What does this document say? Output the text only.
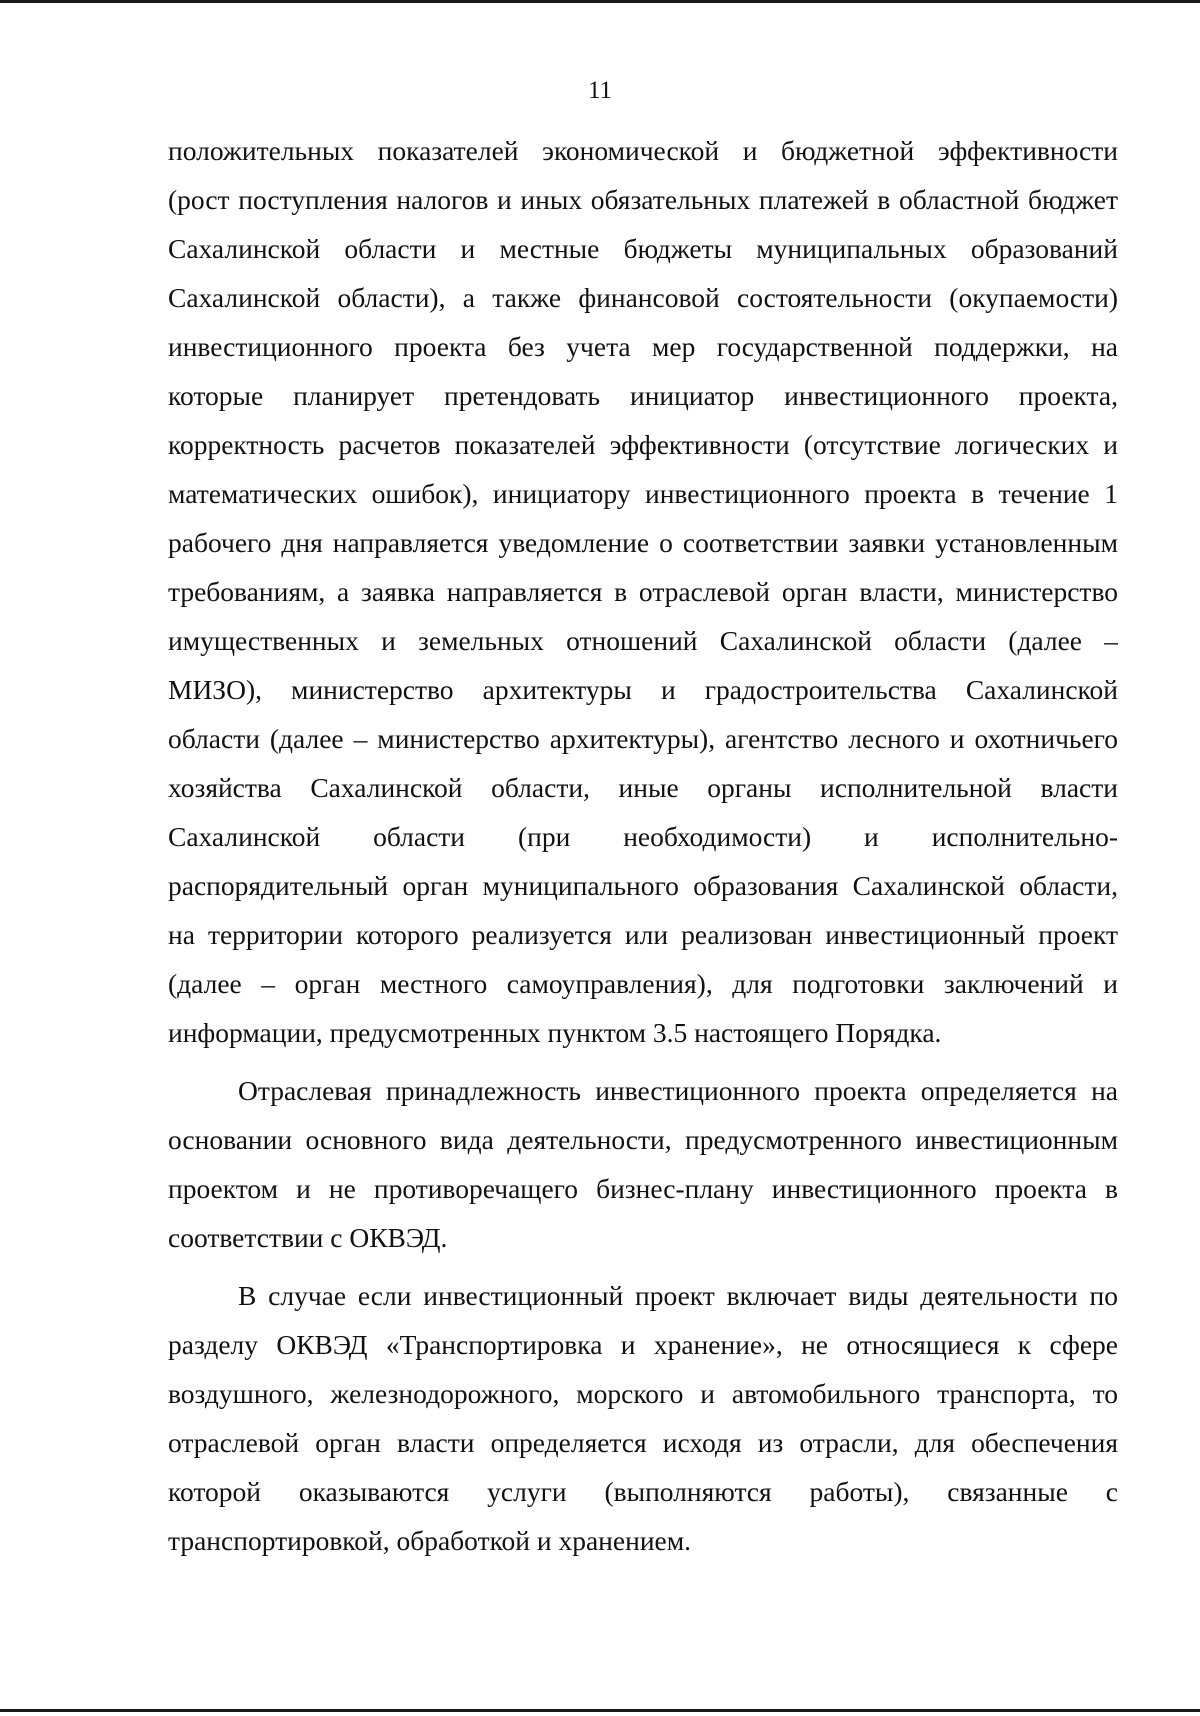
11

положительных показателей экономической и бюджетной эффективности
(рост поступления налогов и иных обязательных платежей в областной бюджет
Сахалинской области и местные бюджеты муниципальных образований
Сахалинской области), а также финансовой состоятельности (окупаемости)
инвестиционного проекта без учета мер государственной поддержки, на
которые планирует претендовать инициатор инвестиционного проекта,
корректность расчетов показателей эффективности (отсутствие логических и
математических ошибок), инициатору инвестиционного проекта в течение 1
рабочего дня направляется уведомление о соответствии заявки установленным
требованиям, а заявка направляется в отраслевой орган власти, министерство
имущественных и земельных отношений Сахалинской области (далее –
МИЗО), министерство архитектуры и градостроительства Сахалинской
области (далее – министерство архитектуры), агентство лесного и охотничьего
хозяйства Сахалинской области, иные органы исполнительной власти
Сахалинской области (при необходимости) и исполнительно-
распорядительный орган муниципального образования Сахалинской области,
на территории которого реализуется или реализован инвестиционный проект
(далее – орган местного самоуправления), для подготовки заключений и
информации, предусмотренных пунктом 3.5 настоящего Порядка.

Отраслевая принадлежность инвестиционного проекта определяется на
основании основного вида деятельности, предусмотренного инвестиционным
проектом и не противоречащего бизнес-плану инвестиционного проекта в
соответствии с ОКВЭД.

В случае если инвестиционный проект включает виды деятельности по
разделу ОКВЭД «Транспортировка и хранение», не относящиеся к сфере
воздушного, железнодорожного, морского и автомобильного транспорта, то
отраслевой орган власти определяется исходя из отрасли, для обеспечения
которой оказываются услуги (выполняются работы), связанные с
транспортировкой, обработкой и хранением.
